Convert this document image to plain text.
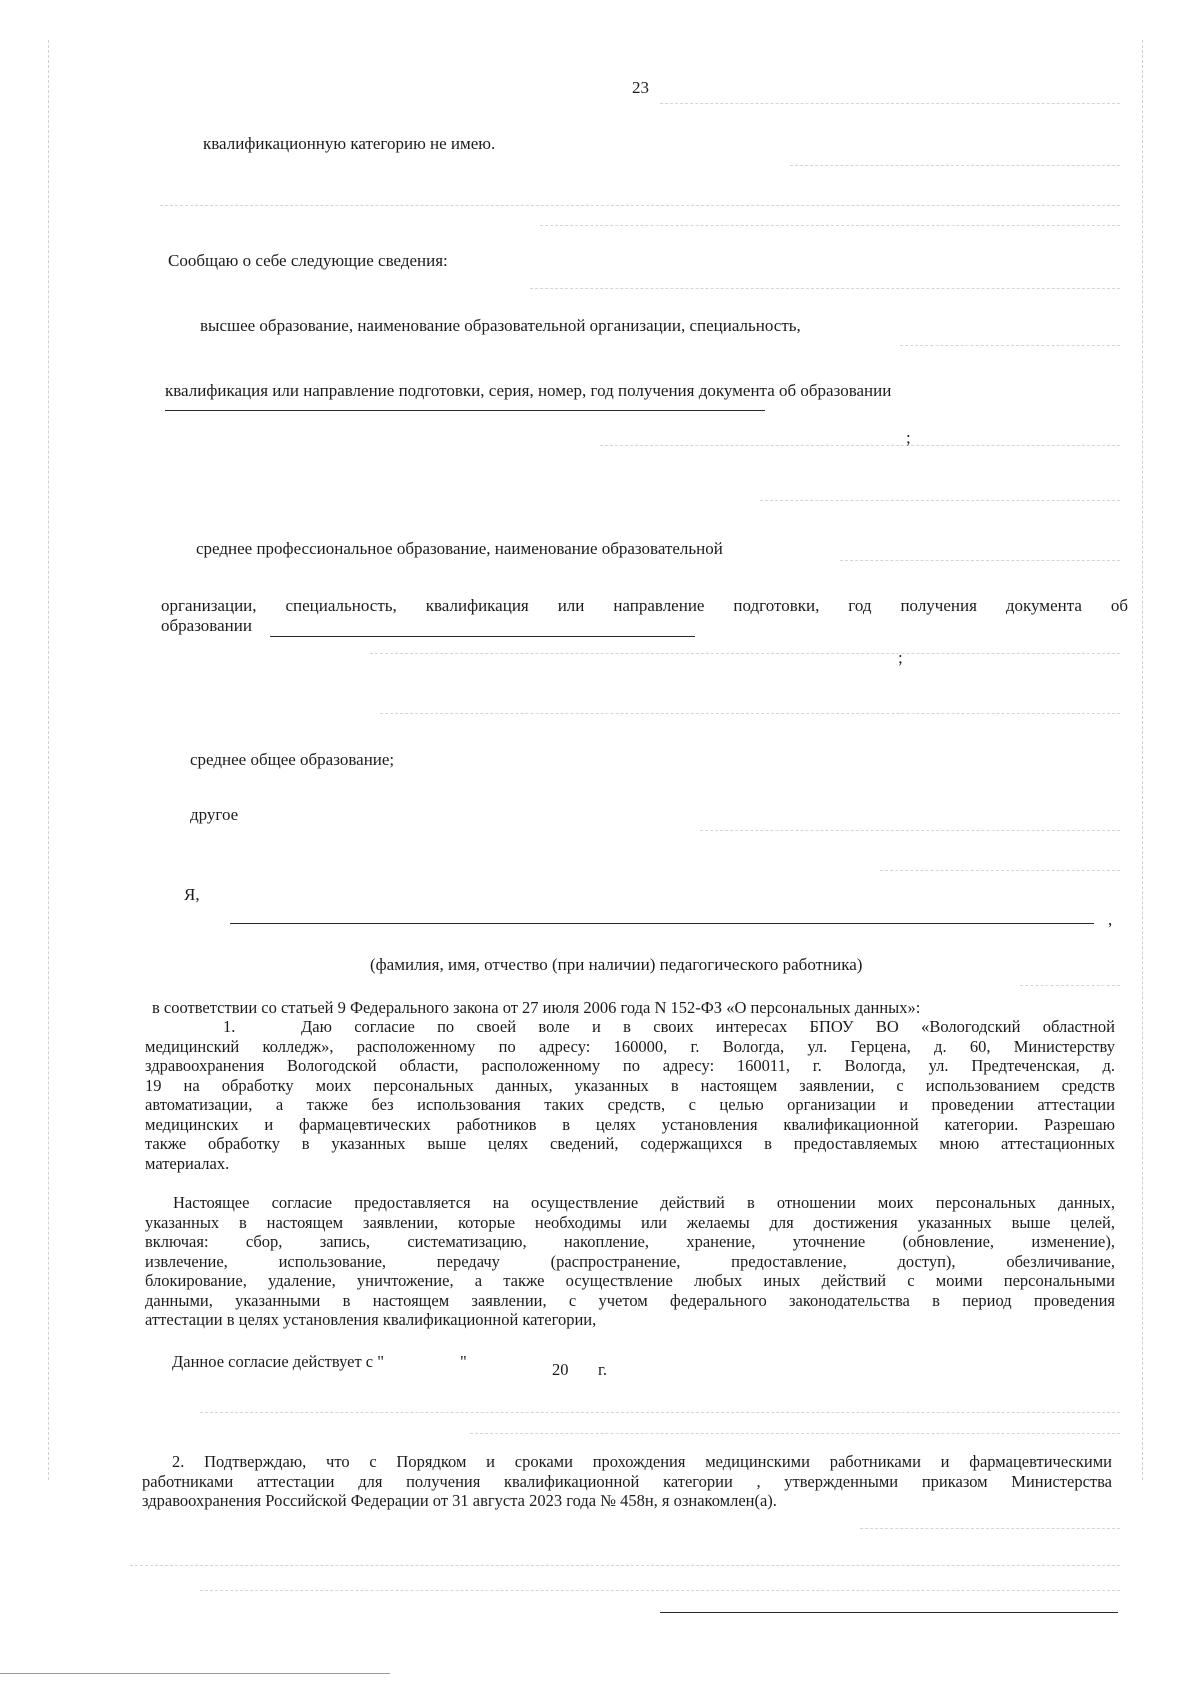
23
квалификационную категорию не имею.
Сообщаю о себе следующие сведения:
высшее образование, наименование образовательной организации, специальность,
квалификация или направление подготовки, серия, номер, год получения документа об образовании
;
среднее профессиональное образование, наименование образовательной
организации, специальность, квалификация или направление подготовки, год получения документа об
образовании
;
среднее общее образование;
другое
Я,
,
(фамилия, имя, отчество (при наличии) педагогического работника)
в соответствии со статьей 9 Федерального закона от 27 июля 2006 года N 152-ФЗ «О персональных данных»:
1.	Даю согласие по своей воле и в своих интересах БПОУ ВО «Вологодский областной
медицинский колледж», расположенному по адресу: 160000, г. Вологда, ул. Герцена, д. 60, Министерству
здравоохранения Вологодской области, расположенному по адресу: 160011, г. Вологда, ул. Предтеченская, д.
19 на обработку моих персональных данных, указанных в настоящем заявлении, с использованием средств
автоматизации, а также без использования таких средств, с целью организации и проведении аттестации
медицинских и фармацевтических работников в целях установления квалификационной категории. Разрешаю
также обработку в указанных выше целях сведений, содержащихся в предоставляемых мною аттестационных
материалах.
Настоящее согласие предоставляется на осуществление действий в отношении моих персональных данных,
указанных в настоящем заявлении, которые необходимы или желаемы для достижения указанных выше целей,
включая: сбор, запись, систематизацию, накопление, хранение, уточнение (обновление, изменение),
извлечение, использование, передачу (распространение, предоставление, доступ), обезличивание,
блокирование, удаление, уничтожение, а также осуществление любых иных действий с моими персональными
данными, указанными в настоящем заявлении, с учетом федерального законодательства в период проведения
аттестации в целях установления квалификационной категории,
Данное согласие действует с "	"	20 г.
2. Подтверждаю, что с Порядком и сроками прохождения медицинскими работниками и фармацевтическими
работниками аттестации для получения квалификационной категории , утвержденными приказом Министерства
здравоохранения Российской Федерации от 31 августа 2023 года № 458н, я ознакомлен(а).
